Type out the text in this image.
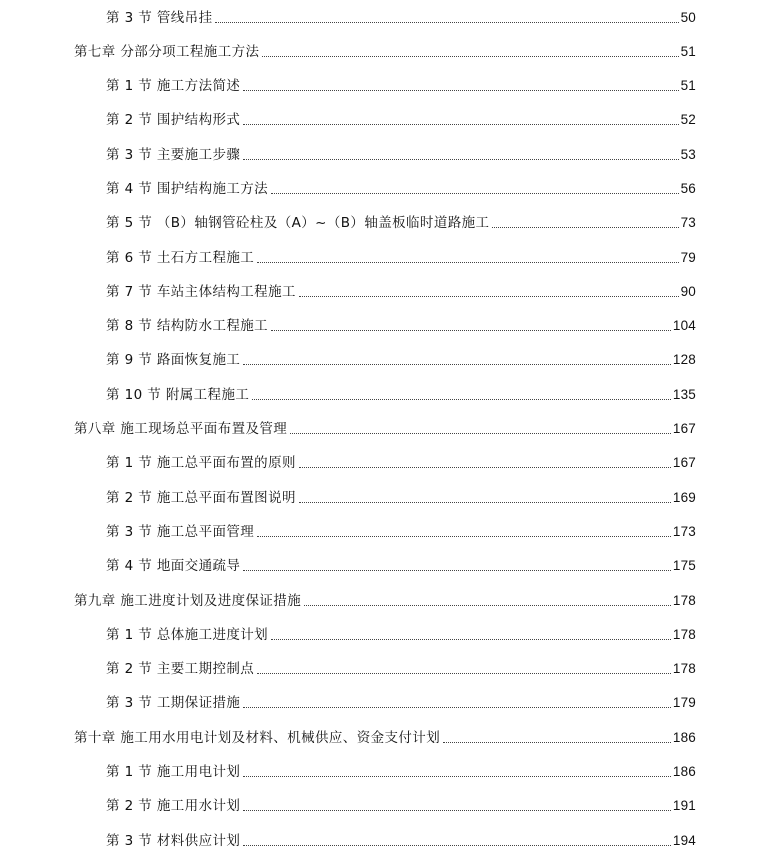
第 3 节 管线吊挂	50
第七章 分部分项工程施工方法	51
第 1 节 施工方法简述	51
第 2 节 围护结构形式	52
第 3 节 主要施工步骤	53
第 4 节 围护结构施工方法	56
第 5 节 （B）轴钢管砼柱及（A）~（B）轴盖板临时道路施工	73
第 6 节 土石方工程施工	79
第 7 节 车站主体结构工程施工	90
第 8 节 结构防水工程施工	104
第 9 节 路面恢复施工	128
第 10 节 附属工程施工	135
第八章 施工现场总平面布置及管理	167
第 1 节 施工总平面布置的原则	167
第 2 节 施工总平面布置图说明	169
第 3 节 施工总平面管理	173
第 4 节 地面交通疏导	175
第九章 施工进度计划及进度保证措施	178
第 1 节 总体施工进度计划	178
第 2 节 主要工期控制点	178
第 3 节 工期保证措施	179
第十章 施工用水用电计划及材料、机械供应、资金支付计划	186
第 1 节 施工用电计划	186
第 2 节 施工用水计划	191
第 3 节 材料供应计划	194
